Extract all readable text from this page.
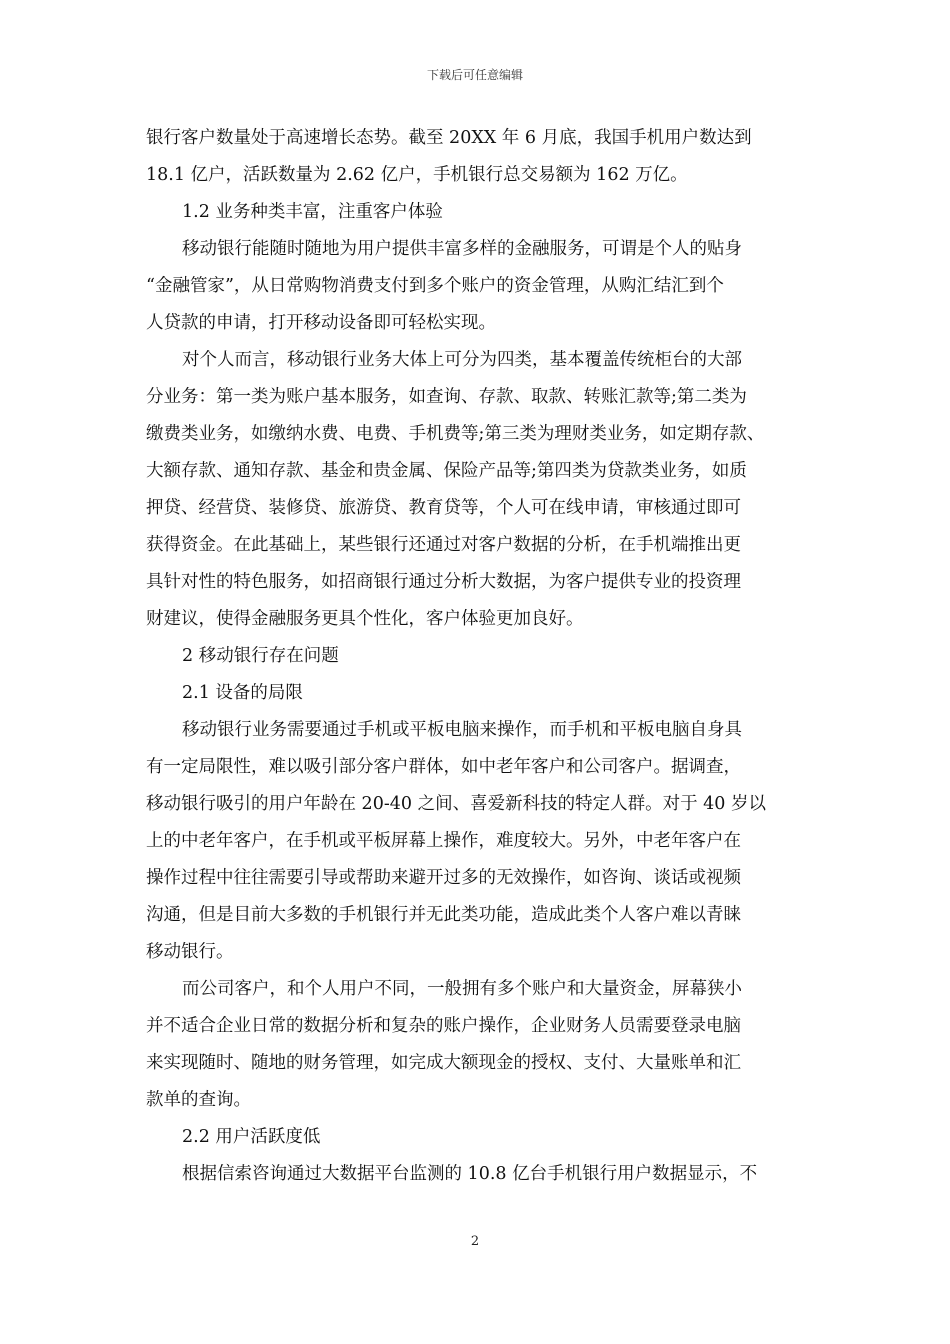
下载后可任意编辑
银行客户数量处于高速增长态势。截至 20XX 年 6 月底，我国手机用户数达到
18.1 亿户，活跃数量为 2.62 亿户，手机银行总交易额为 162 万亿。
1.2 业务种类丰富，注重客户体验
移动银行能随时随地为用户提供丰富多样的金融服务，可谓是个人的贴身
“金融管家”，从日常购物消费支付到多个账户的资金管理，从购汇结汇到个
人贷款的申请，打开移动设备即可轻松实现。
对个人而言，移动银行业务大体上可分为四类，基本覆盖传统柜台的大部
分业务：第一类为账户基本服务，如查询、存款、取款、转账汇款等;第二类为
缴费类业务，如缴纳水费、电费、手机费等;第三类为理财类业务，如定期存款、
大额存款、通知存款、基金和贵金属、保险产品等;第四类为贷款类业务，如质
押贷、经营贷、装修贷、旅游贷、教育贷等，个人可在线申请，审核通过即可
获得资金。在此基础上，某些银行还通过对客户数据的分析，在手机端推出更
具针对性的特色服务，如招商银行通过分析大数据，为客户提供专业的投资理
财建议，使得金融服务更具个性化，客户体验更加良好。
2 移动银行存在问题
2.1 设备的局限
移动银行业务需要通过手机或平板电脑来操作，而手机和平板电脑自身具
有一定局限性，难以吸引部分客户群体，如中老年客户和公司客户。据调查，
移动银行吸引的用户年龄在 20-40 之间、喜爱新科技的特定人群。对于 40 岁以
上的中老年客户，在手机或平板屏幕上操作，难度较大。另外，中老年客户在
操作过程中往往需要引导或帮助来避开过多的无效操作，如咨询、谈话或视频
沟通，但是目前大多数的手机银行并无此类功能，造成此类个人客户难以青睐
移动银行。
而公司客户，和个人用户不同，一般拥有多个账户和大量资金，屏幕狭小
并不适合企业日常的数据分析和复杂的账户操作，企业财务人员需要登录电脑
来实现随时、随地的财务管理，如完成大额现金的授权、支付、大量账单和汇
款单的查询。
2.2 用户活跃度低
根据信索咨询通过大数据平台监测的 10.8 亿台手机银行用户数据显示，不
2
